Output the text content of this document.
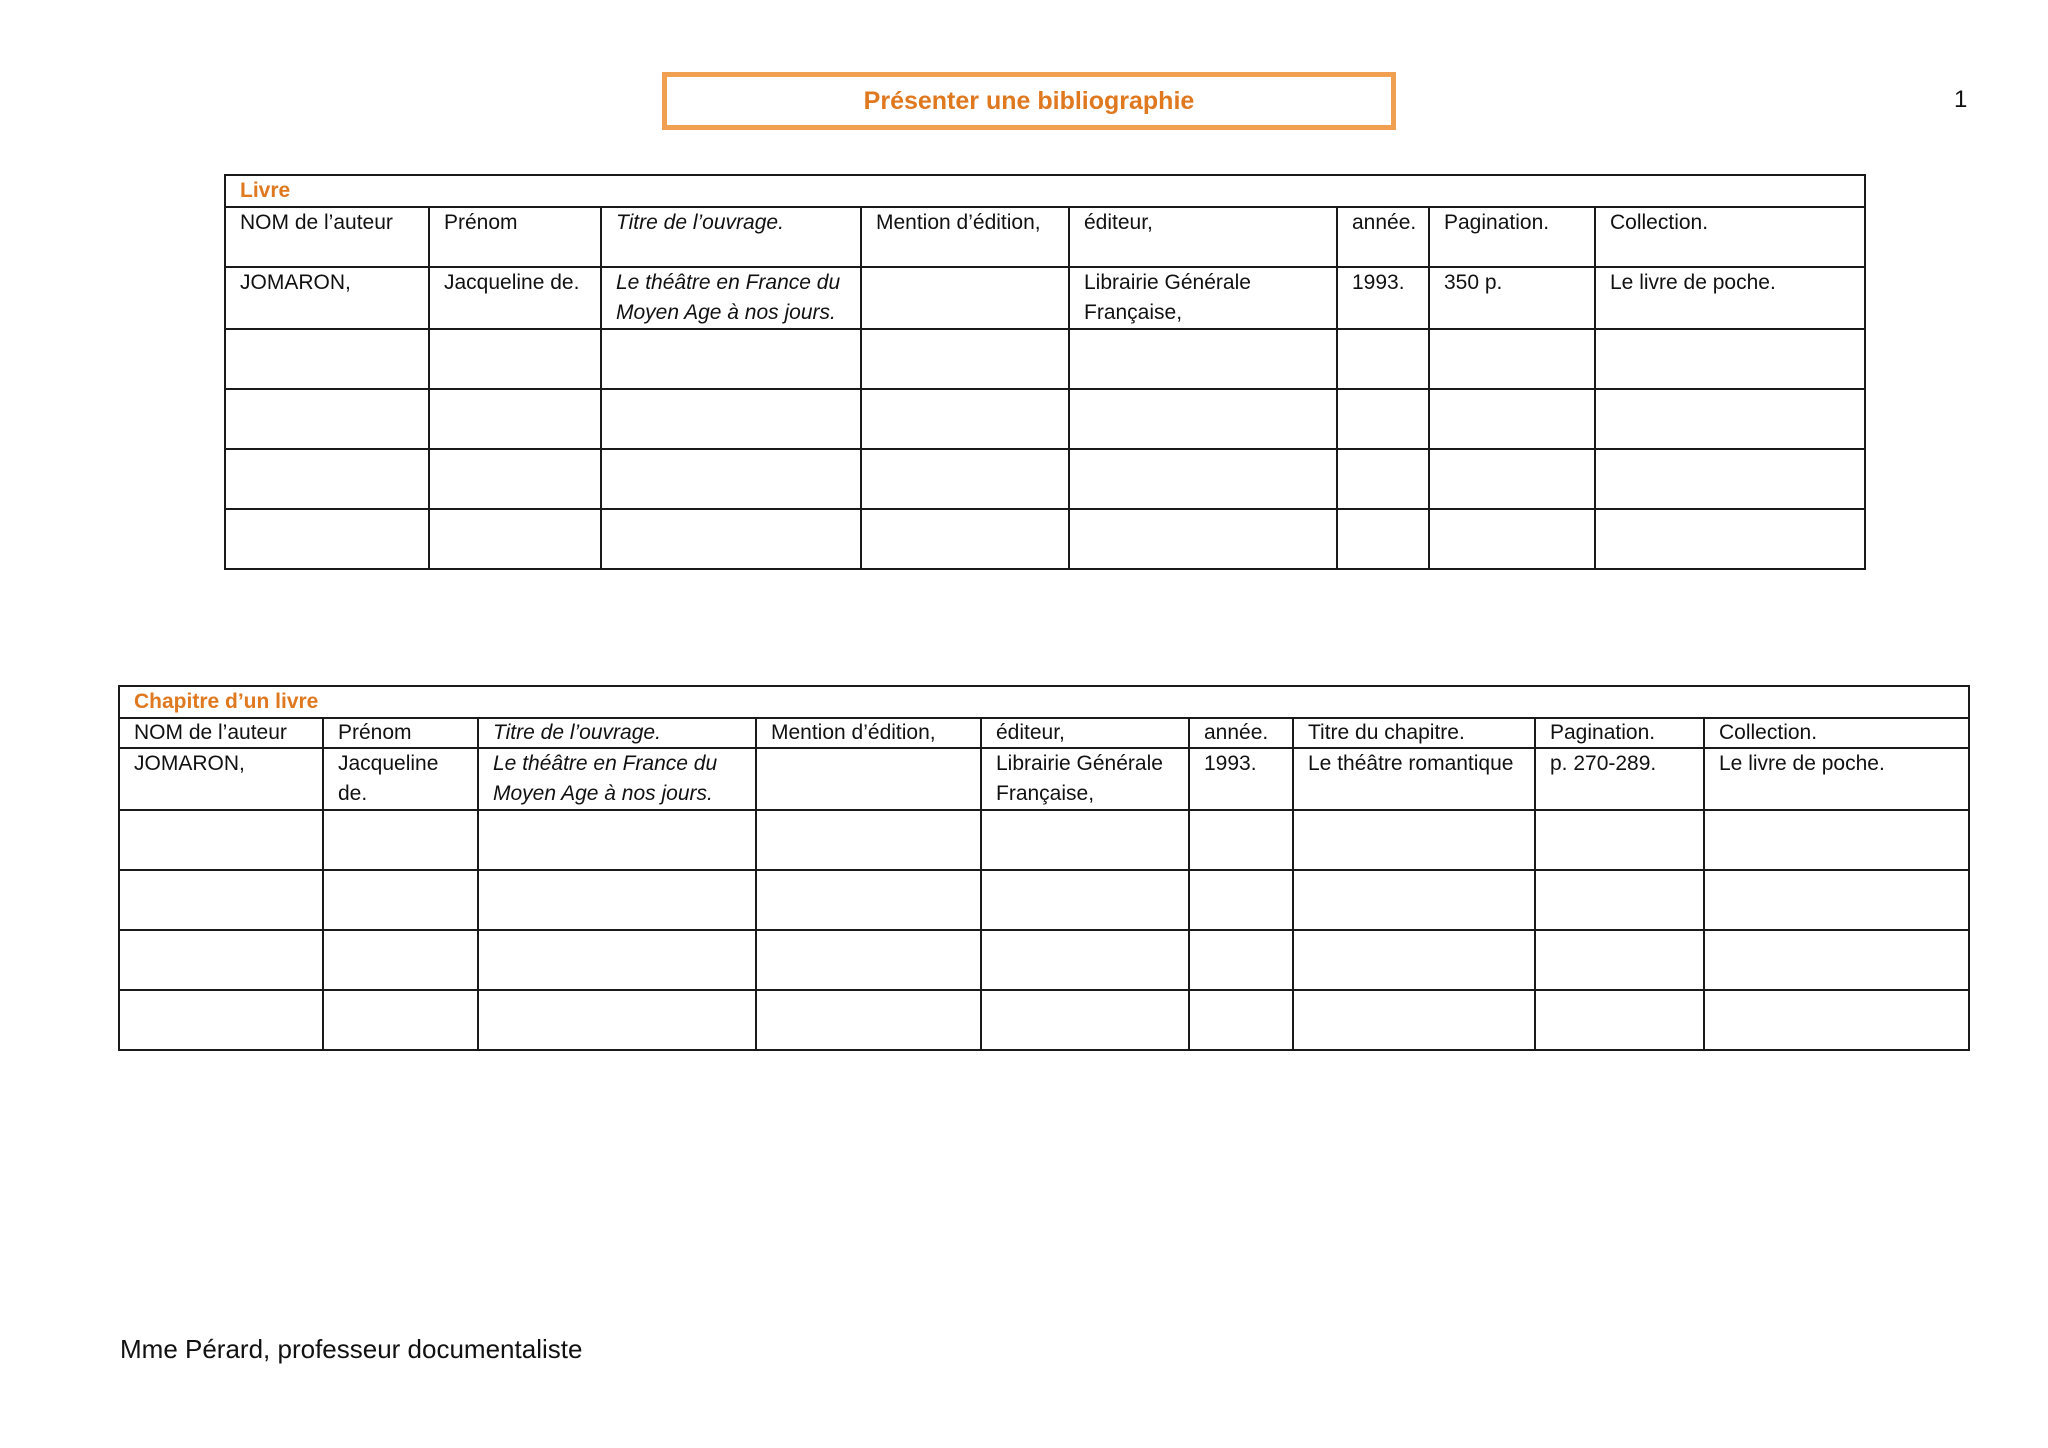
Présenter une bibliographie	1
Livre							
NOM de l’auteur	Prénom	Titre de l’ouvrage.	Mention d’édition,	éditeur,	année.	Pagination.	Collection.
JOMARON,	Jacqueline de.	Le théâtre en France du Moyen Age à nos jours.		Librairie Générale Française,	1993.	350 p.	Le livre de poche.

Chapitre d’un livre								
NOM de l’auteur	Prénom	Titre de l’ouvrage.	Mention d’édition,	éditeur,	année.	Titre du chapitre.	Pagination.	Collection.
JOMARON,	Jacqueline de.	Le théâtre en France du Moyen Age à nos jours.		Librairie Générale Française,	1993.	Le théâtre romantique	p. 270-289.	Le livre de poche.

Mme Pérard, professeur documentaliste
